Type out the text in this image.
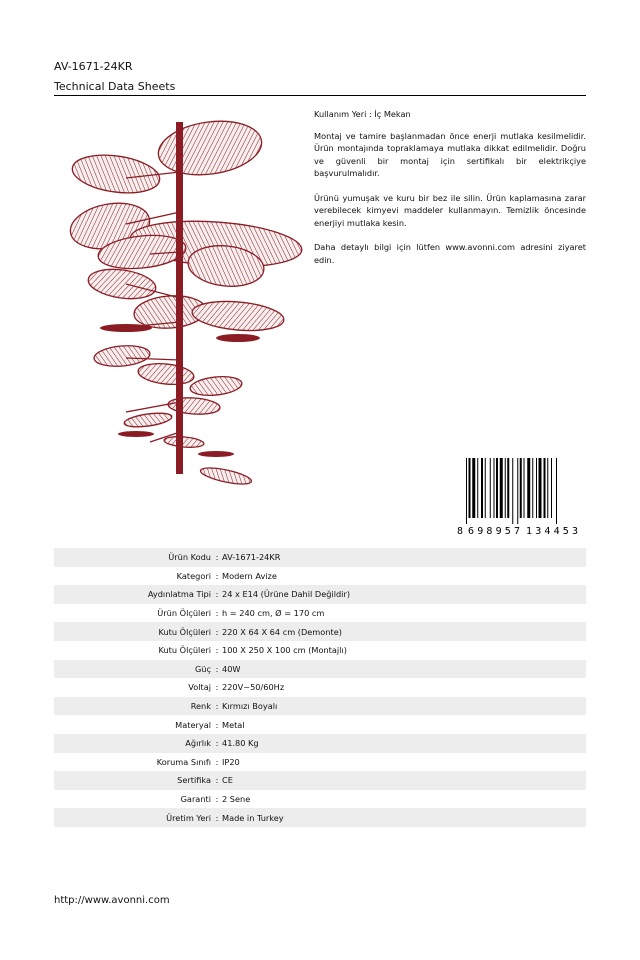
AV-1671-24KR
Technical Data Sheets

Kullanım Yeri : İç Mekan

Montaj ve tamire başlanmadan önce enerji mutlaka kesilmelidir. Ürün montajında topraklamaya mutlaka dikkat edilmelidir. Doğru ve güvenli bir montaj için sertifikalı bir elektrikçiye başvurulmalıdır.

Ürünü yumuşak ve kuru bir bez ile silin. Ürün kaplamasına zarar verebilecek kimyevi maddeler kullanmayın. Temizlik öncesinde enerjiyi mutlaka kesin.

Daha detaylı bilgi için lütfen www.avonni.com adresini ziyaret edin.

8 698957 134453
Ürün Kodu	:	AV-1671-24KR
Kategori	:	Modern Avize
Aydınlatma Tipi	:	24 x E14 (Ürüne Dahil Değildir)
Ürün Ölçüleri	:	h = 240 cm, Ø = 170 cm
Kutu Ölçüleri	:	220 X 64 X 64 cm (Demonte)
Kutu Ölçüleri	:	100 X 250 X 100 cm (Montajlı)
Güç	:	40W
Voltaj	:	220V~50/60Hz
Renk	:	Kırmızı Boyalı
Materyal	:	Metal
Ağırlık	:	41.80 Kg
Koruma Sınıfı	:	IP20
Sertifika	:	CE
Garanti	:	2 Sene
Üretim Yeri	:	Made in Turkey
http://www.avonni.com
